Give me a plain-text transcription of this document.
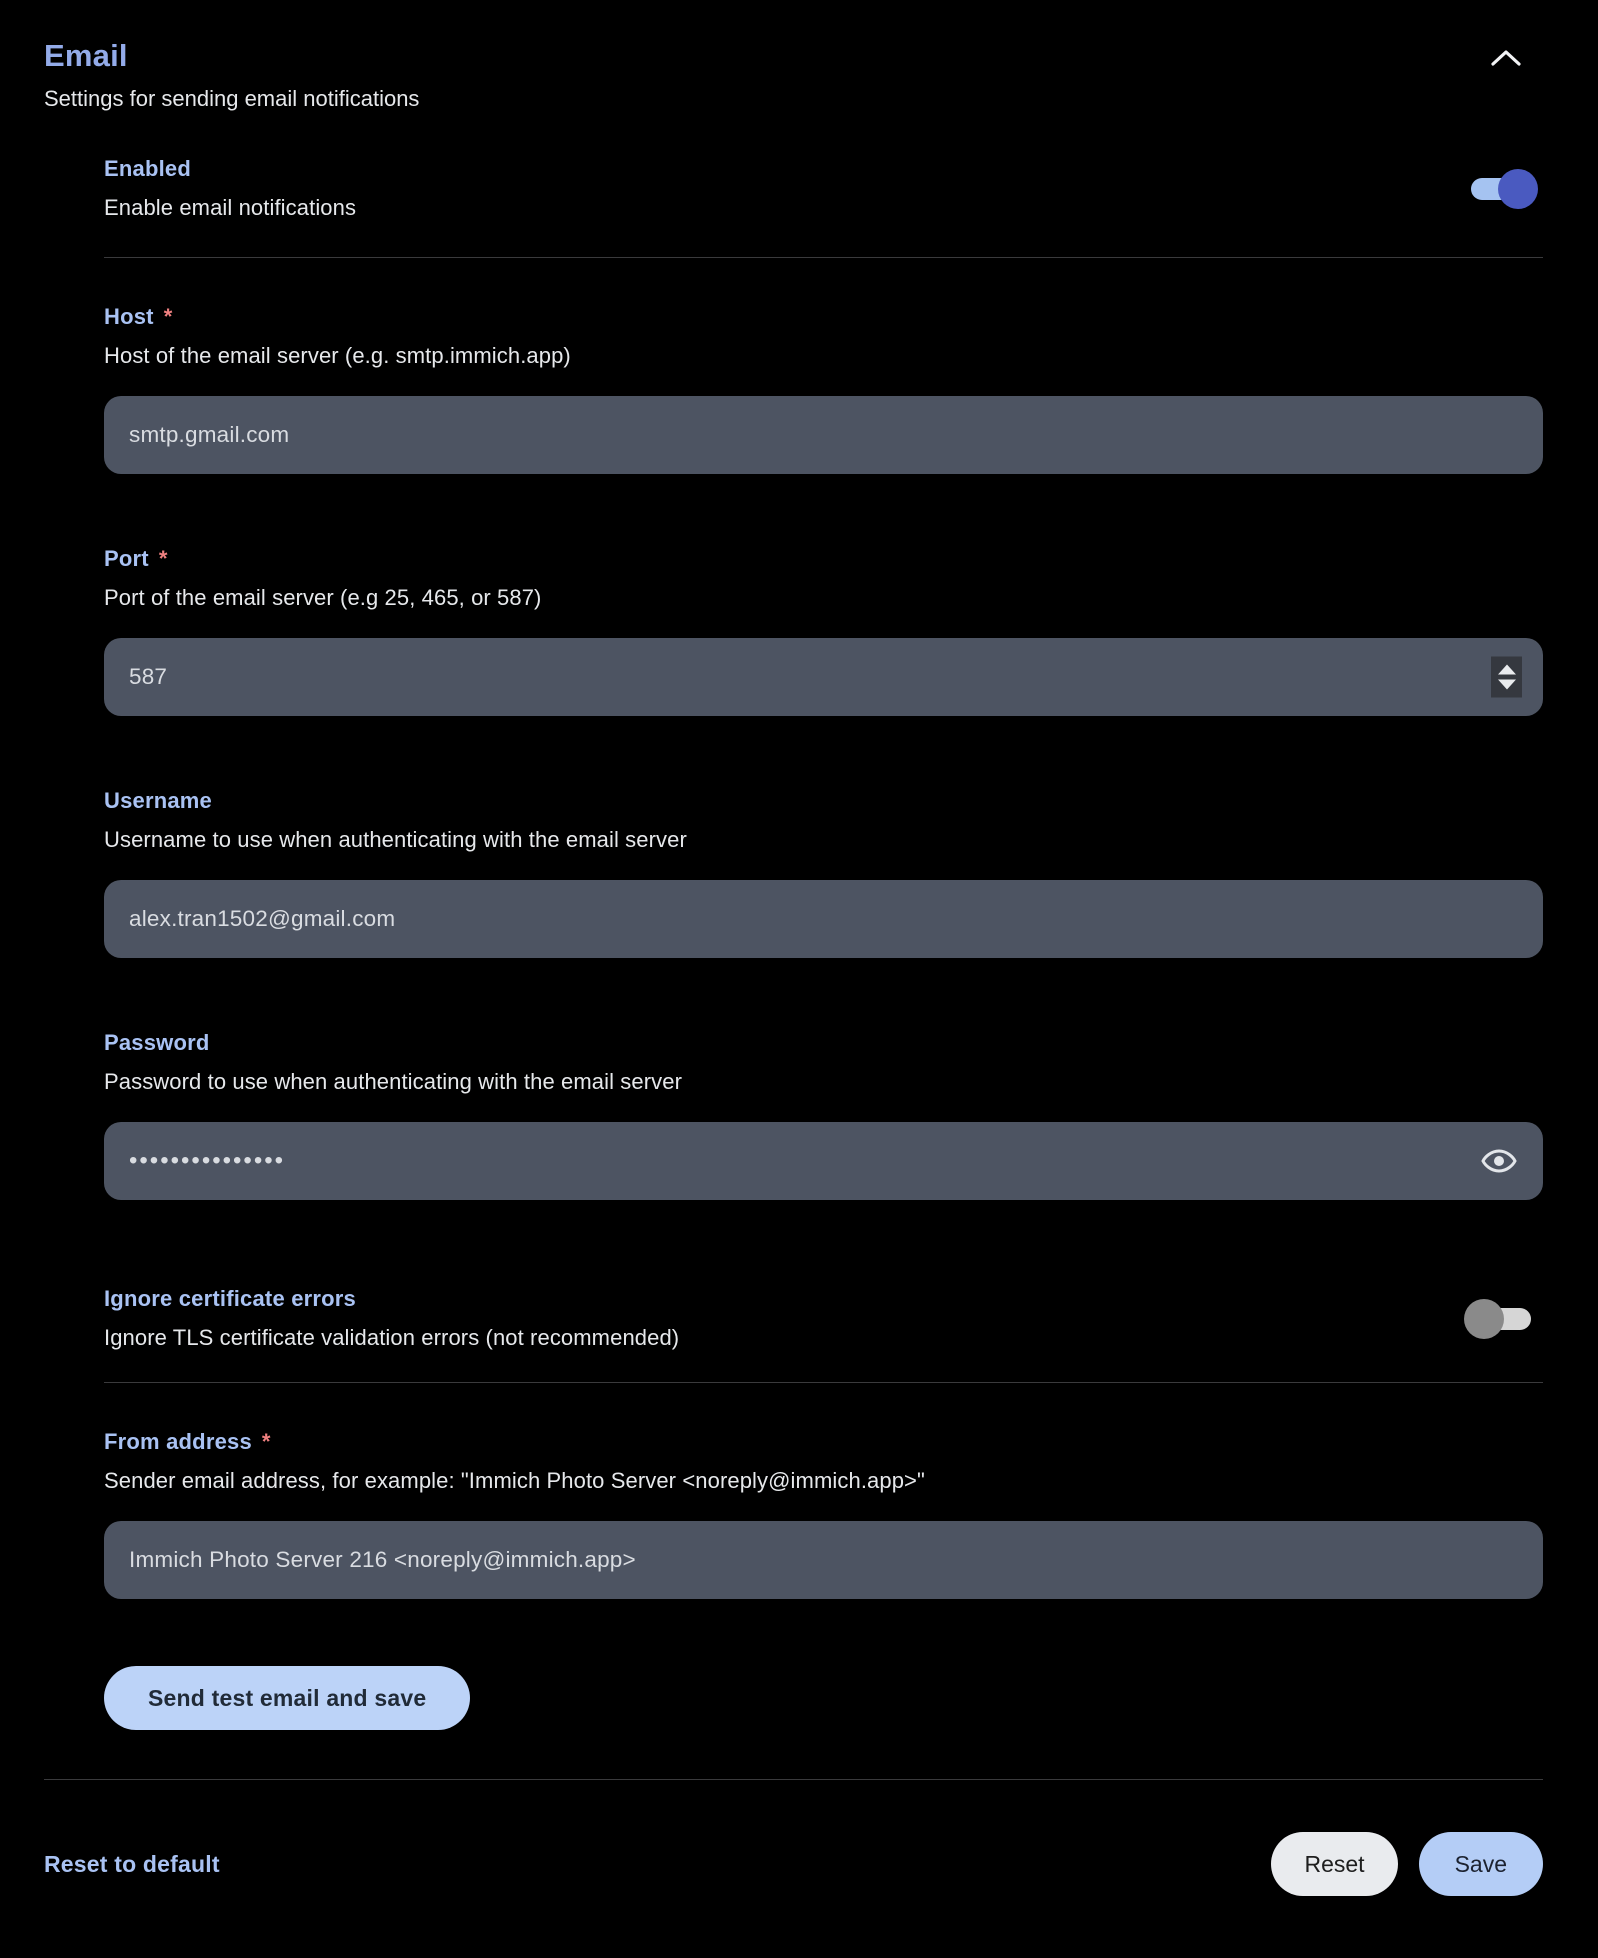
Email
Settings for sending email notifications
Enabled
Enable email notifications
Host *
Host of the email server (e.g. smtp.immich.app)
smtp.gmail.com
Port *
Port of the email server (e.g 25, 465, or 587)
587
Username
Username to use when authenticating with the email server
alex.tran1502@gmail.com
Password
Password to use when authenticating with the email server
•••••••••••••••
Ignore certificate errors
Ignore TLS certificate validation errors (not recommended)
From address *
Sender email address, for example: "Immich Photo Server <noreply@immich.app>"
Immich Photo Server 216 <noreply@immich.app>
Send test email and save
Reset to default	Reset	Save
